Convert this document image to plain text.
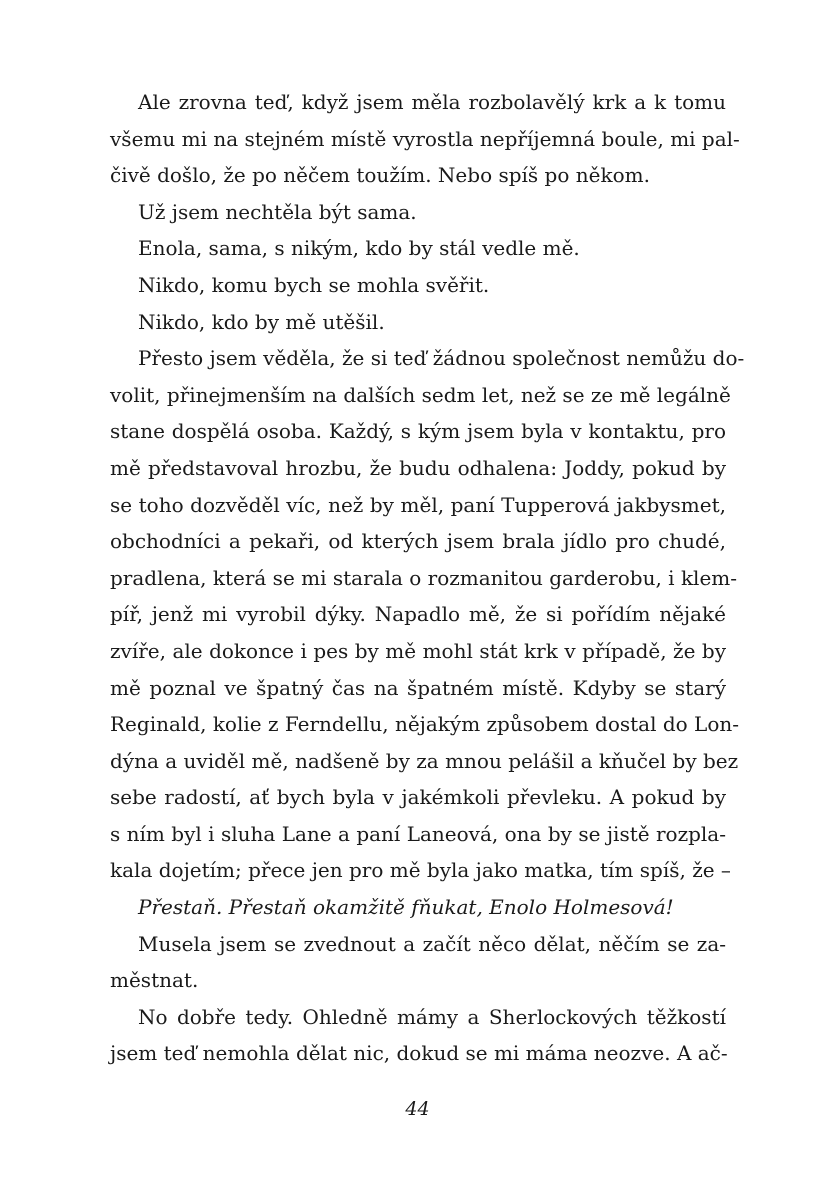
Ale zrovna teď, když jsem měla rozbolavělý krk a k tomu
všemu mi na stejném místě vyrostla nepříjemná boule, mi pal-
čivě došlo, že po něčem toužím. Nebo spíš po někom.
Už jsem nechtěla být sama.
Enola, sama, s nikým, kdo by stál vedle mě.
Nikdo, komu bych se mohla svěřit.
Nikdo, kdo by mě utěšil.
Přesto jsem věděla, že si teď žádnou společnost nemůžu do-
volit, přinejmenším na dalších sedm let, než se ze mě legálně
stane dospělá osoba. Každý, s kým jsem byla v kontaktu, pro
mě představoval hrozbu, že budu odhalena: Joddy, pokud by
se toho dozvěděl víc, než by měl, paní Tupperová jakbysmet,
obchodníci a pekaři, od kterých jsem brala jídlo pro chudé,
pradlena, která se mi starala o rozmanitou garderobu, i klem-
píř, jenž mi vyrobil dýky. Napadlo mě, že si pořídím nějaké
zvíře, ale dokonce i pes by mě mohl stát krk v případě, že by
mě poznal ve špatný čas na špatném místě. Kdyby se starý
Reginald, kolie z Ferndellu, nějakým způsobem dostal do Lon-
dýna a uviděl mě, nadšeně by za mnou pelášil a kňučel by bez
sebe radostí, ať bych byla v jakémkoli převleku. A pokud by
s ním byl i sluha Lane a paní Laneová, ona by se jistě rozpla-
kala dojetím; přece jen pro mě byla jako matka, tím spíš, že –
Přestaň. Přestaň okamžitě fňukat, Enolo Holmesová!
Musela jsem se zvednout a začít něco dělat, něčím se za-
městnat.
No dobře tedy. Ohledně mámy a Sherlockových těžkostí
jsem teď nemohla dělat nic, dokud se mi máma neozve. A ač-
44
